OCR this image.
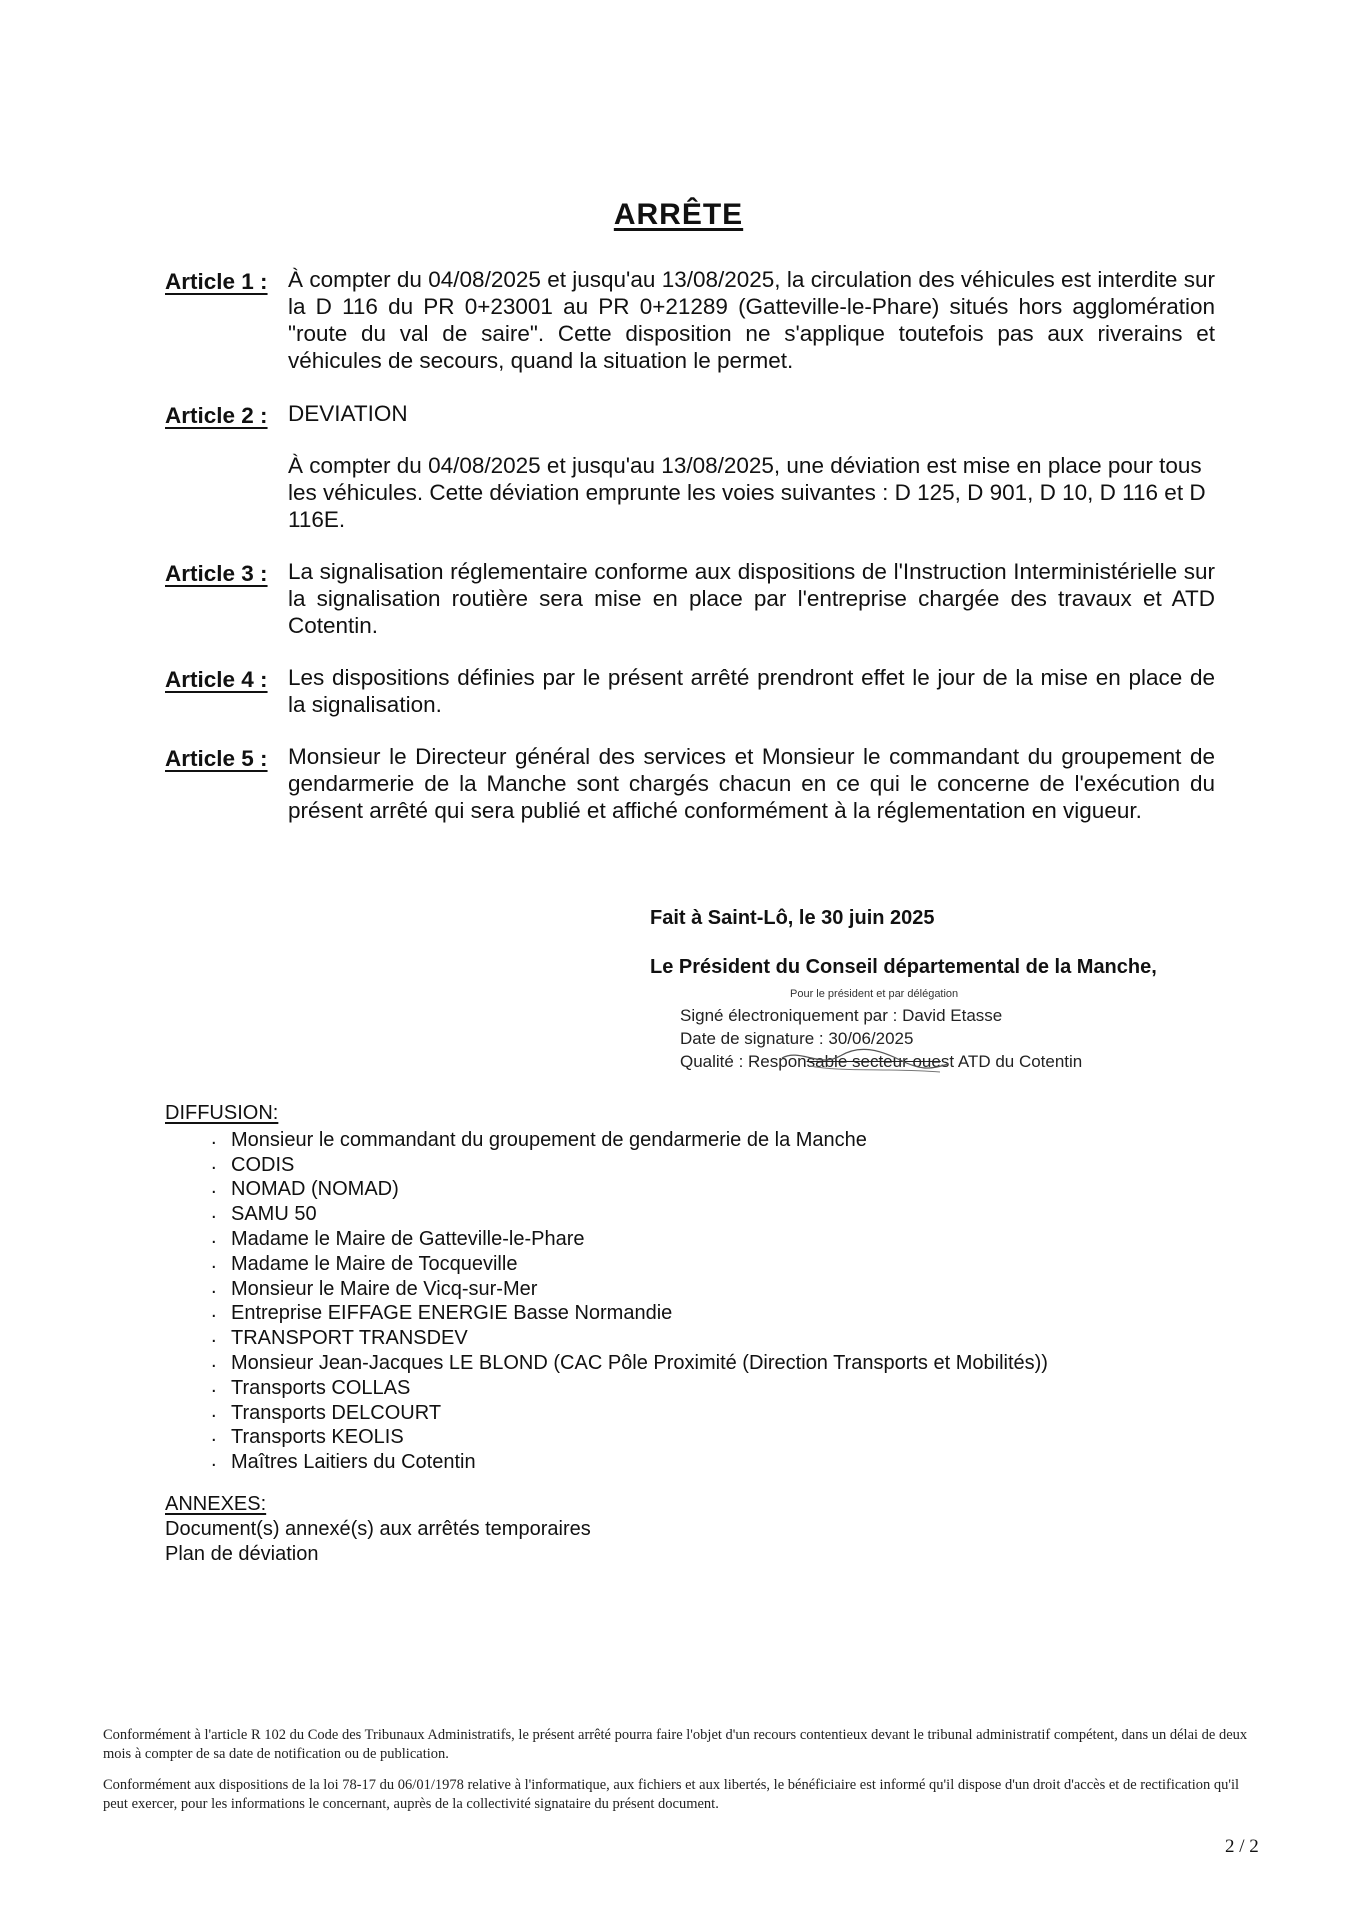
ARRÊTE
Article 1 : À compter du 04/08/2025 et jusqu'au 13/08/2025, la circulation des véhicules est interdite sur la D 116 du PR 0+23001 au PR 0+21289 (Gatteville-le-Phare) situés hors agglomération "route du val de saire". Cette disposition ne s'applique toutefois pas aux riverains et véhicules de secours, quand la situation le permet.
Article 2 : DEVIATION
À compter du 04/08/2025 et jusqu'au 13/08/2025, une déviation est mise en place pour tous les véhicules. Cette déviation emprunte les voies suivantes : D 125, D 901, D 10, D 116 et D 116E.
Article 3 : La signalisation réglementaire conforme aux dispositions de l'Instruction Interministérielle sur la signalisation routière sera mise en place par l'entreprise chargée des travaux et ATD Cotentin.
Article 4 : Les dispositions définies par le présent arrêté prendront effet le jour de la mise en place de la signalisation.
Article 5 : Monsieur le Directeur général des services et Monsieur le commandant du groupement de gendarmerie de la Manche sont chargés chacun en ce qui le concerne de l'exécution du présent arrêté qui sera publié et affiché conformément à la réglementation en vigueur.
Fait à Saint-Lô, le 30 juin 2025
Le Président du Conseil départemental de la Manche,
Pour le président et par délégation
Signé électroniquement par : David Etasse
Date de signature : 30/06/2025
Qualité : Responsable secteur ouest ATD du Cotentin
DIFFUSION:
. Monsieur le commandant du groupement de gendarmerie de la Manche
. CODIS
. NOMAD (NOMAD)
. SAMU 50
. Madame le Maire de Gatteville-le-Phare
. Madame le Maire de Tocqueville
. Monsieur le Maire de Vicq-sur-Mer
. Entreprise EIFFAGE ENERGIE Basse Normandie
. TRANSPORT TRANSDEV
. Monsieur Jean-Jacques LE BLOND (CAC Pôle Proximité (Direction Transports et Mobilités))
. Transports COLLAS
. Transports DELCOURT
. Transports KEOLIS
. Maîtres Laitiers du Cotentin
ANNEXES:
Document(s) annexé(s) aux arrêtés temporaires
Plan de déviation
Conformément à l'article R 102 du Code des Tribunaux Administratifs, le présent arrêté pourra faire l'objet d'un recours contentieux devant le tribunal administratif compétent, dans un délai de deux mois à compter de sa date de notification ou de publication.
Conformément aux dispositions de la loi 78-17 du 06/01/1978 relative à l'informatique, aux fichiers et aux libertés, le bénéficiaire est informé qu'il dispose d'un droit d'accès et de rectification qu'il peut exercer, pour les informations le concernant, auprès de la collectivité signataire du présent document.
2 / 2
